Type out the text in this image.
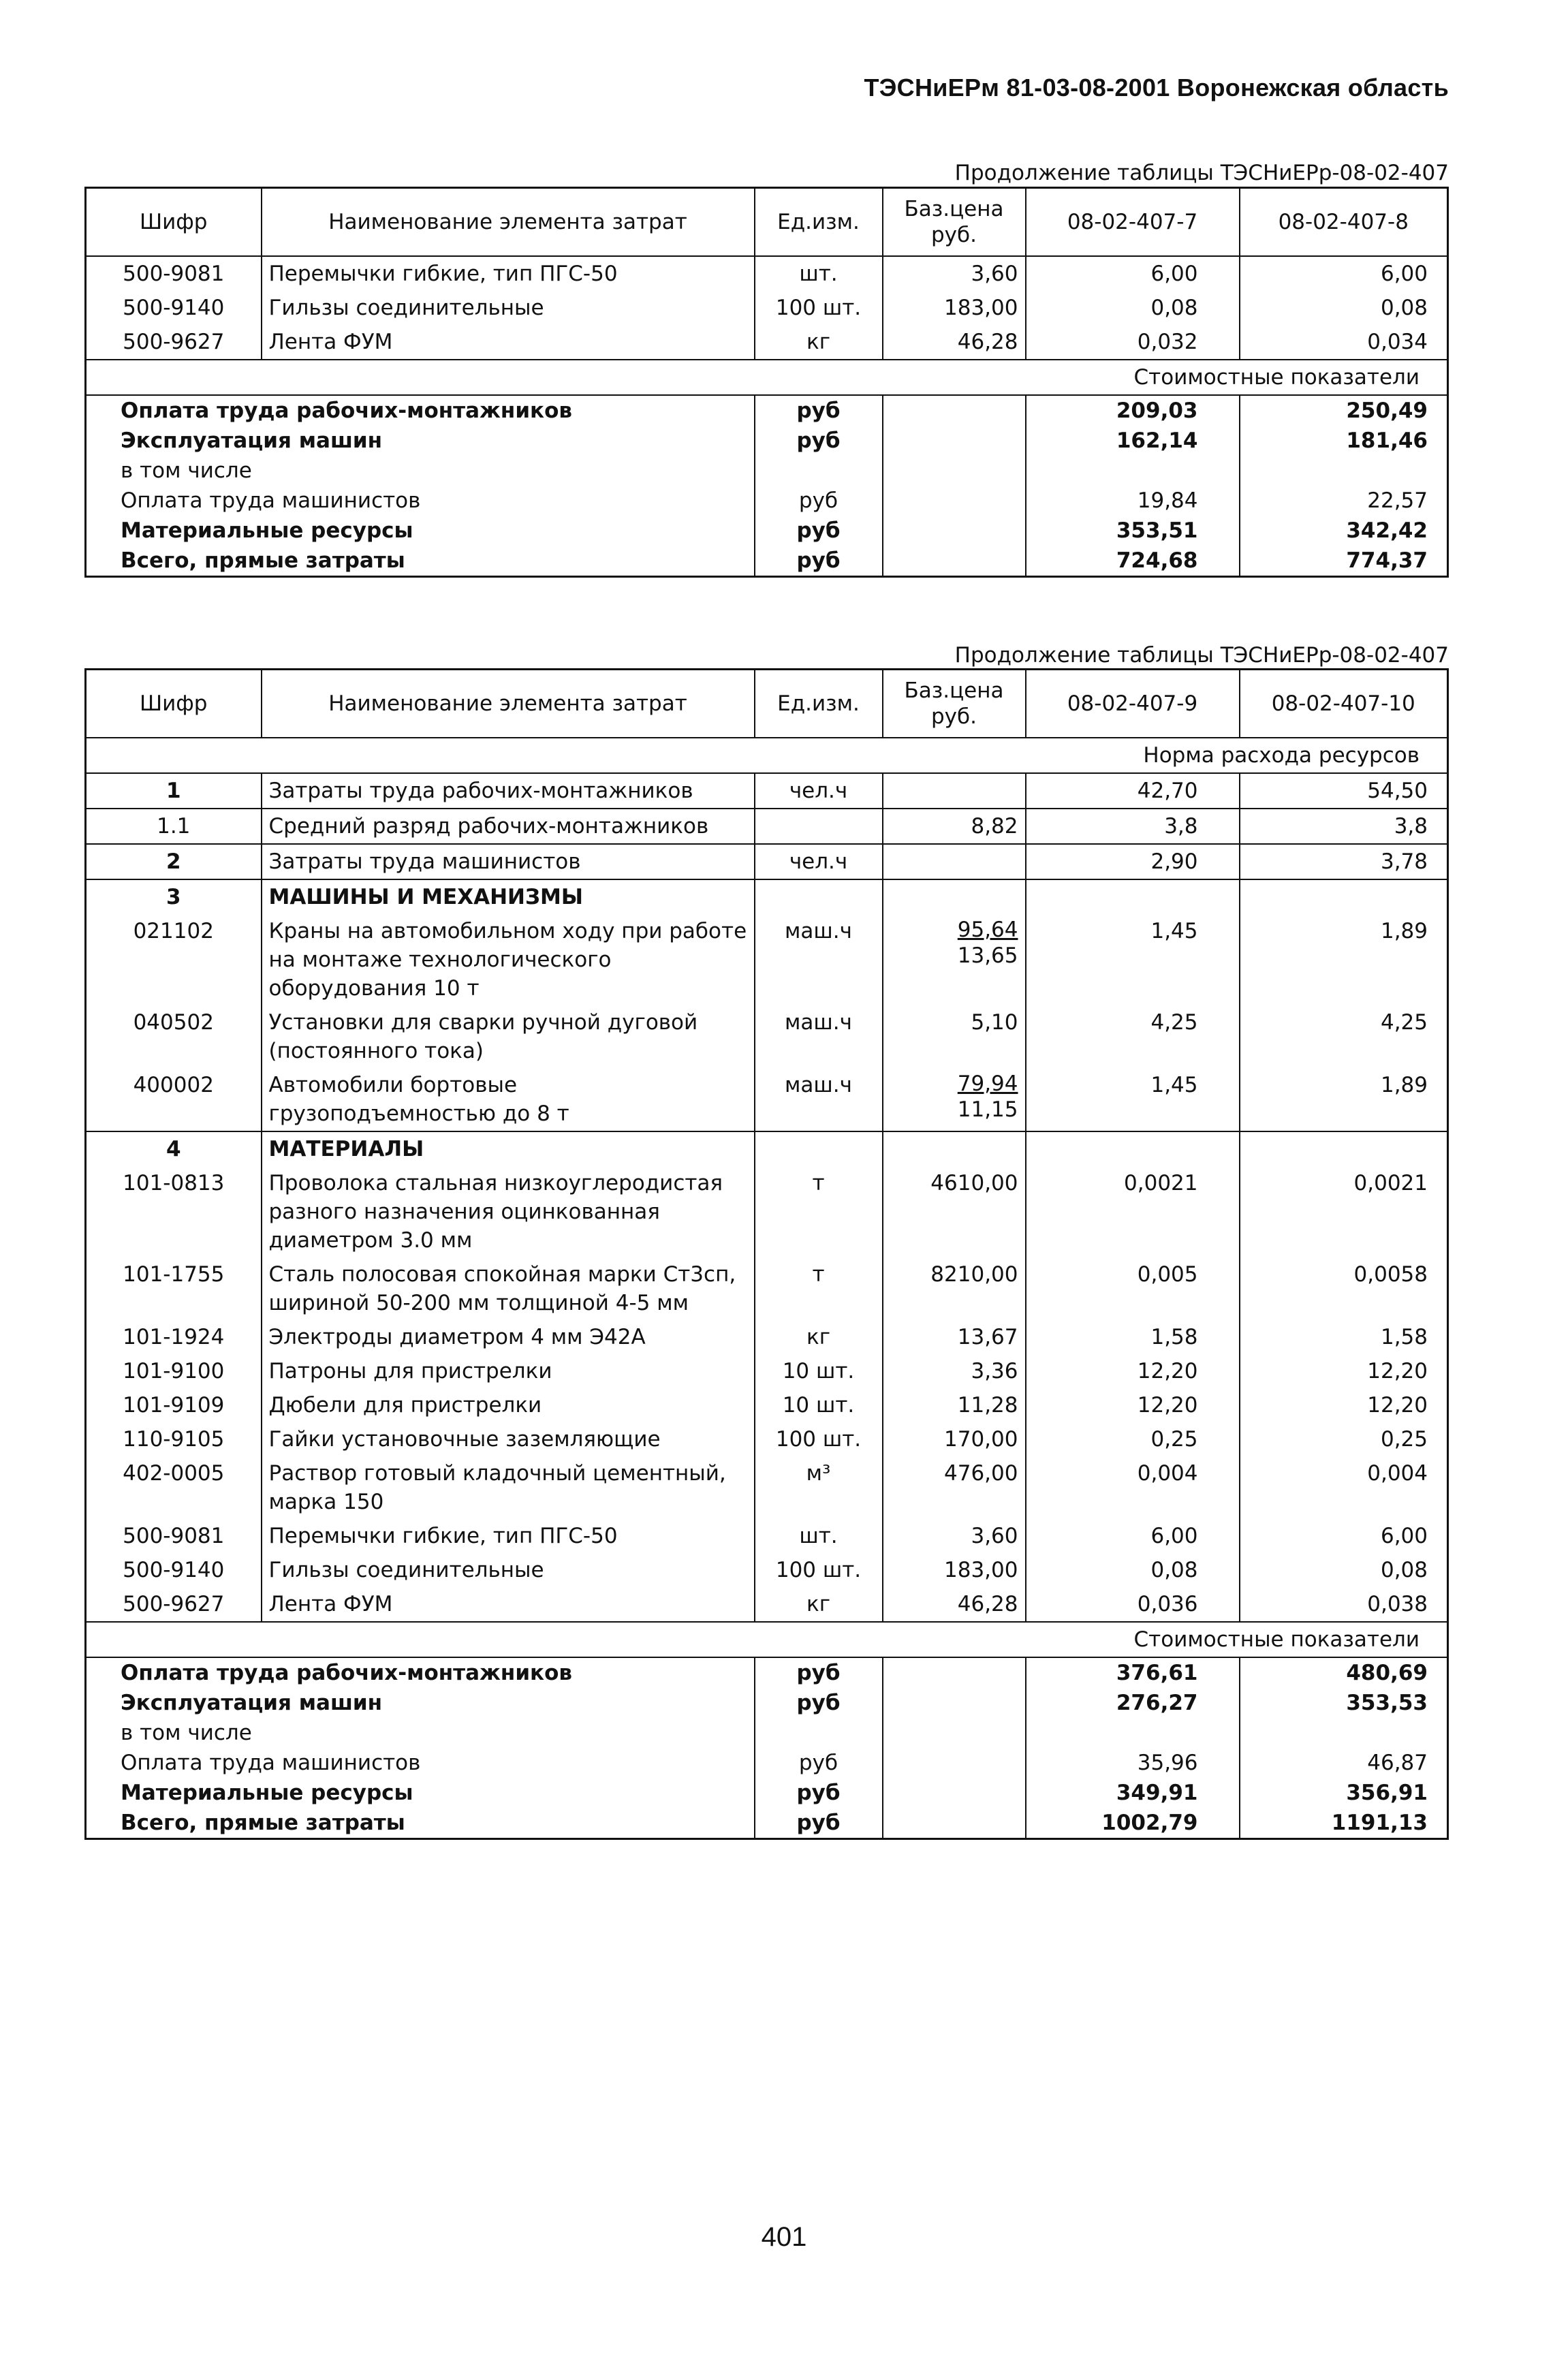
ТЭСНиЕРм 81-03-08-2001 Воронежская область
Продолжение таблицы ТЭСНиЕРр-08-02-407
Шифр	Наименование элемента затрат	Ед.изм.	Баз.цена руб.	08-02-407-7	08-02-407-8
500-9081	Перемычки гибкие, тип ПГС-50	шт.	3,60	6,00	6,00
500-9140	Гильзы соединительные	100 шт.	183,00	0,08	0,08
500-9627	Лента ФУМ	кг	46,28	0,032	0,034
Стоимостные показатели					
Оплата труда рабочих-монтажников		руб		209,03	250,49
Эксплуатация машин		руб		162,14	181,46
в том числе					
Оплата труда машинистов		руб		19,84	22,57
Материальные ресурсы		руб		353,51	342,42
Всего, прямые затраты		руб		724,68	774,37
Продолжение таблицы ТЭСНиЕРр-08-02-407
Шифр	Наименование элемента затрат	Ед.изм.	Баз.цена руб.	08-02-407-9	08-02-407-10
Норма расхода ресурсов					
1	Затраты труда рабочих-монтажников	чел.ч		42,70	54,50
1.1	Средний разряд рабочих-монтажников		8,82	3,8	3,8
2	Затраты труда машинистов	чел.ч		2,90	3,78
3	МАШИНЫ И МЕХАНИЗМЫ				
021102	Краны на автомобильном ходу при работе на монтаже технологического оборудования 10 т	маш.ч	$\frac{95,64}{13,65}$	1,45	1,89
040502	Установки для сварки ручной дуговой (постоянного тока)	маш.ч	5,10	4,25	4,25
400002	Автомобили бортовые грузоподъемностью до 8 т	маш.ч	$\frac{79,94}{11,15}$	1,45	1,89
4	МАТЕРИАЛЫ				
101-0813	Проволока стальная низкоуглеродистая разного назначения оцинкованная диаметром 3.0 мм	т	4610,00	0,0021	0,0021
101-1755	Сталь полосовая спокойная марки Ст3сп, шириной 50-200 мм толщиной 4-5 мм	т	8210,00	0,005	0,0058
101-1924	Электроды диаметром 4 мм Э42А	кг	13,67	1,58	1,58
101-9100	Патроны для пристрелки	10 шт.	3,36	12,20	12,20
101-9109	Дюбели для пристрелки	10 шт.	11,28	12,20	12,20
110-9105	Гайки установочные заземляющие	100 шт.	170,00	0,25	0,25
402-0005	Раствор готовый кладочный цементный, марка 150	м³	476,00	0,004	0,004
500-9081	Перемычки гибкие, тип ПГС-50	шт.	3,60	6,00	6,00
500-9140	Гильзы соединительные	100 шт.	183,00	0,08	0,08
500-9627	Лента ФУМ	кг	46,28	0,036	0,038
Стоимостные показатели					
Оплата труда рабочих-монтажников		руб		376,61	480,69
Эксплуатация машин		руб		276,27	353,53
в том числе					
Оплата труда машинистов		руб		35,96	46,87
Материальные ресурсы		руб		349,91	356,91
Всего, прямые затраты		руб		1002,79	1191,13
401
